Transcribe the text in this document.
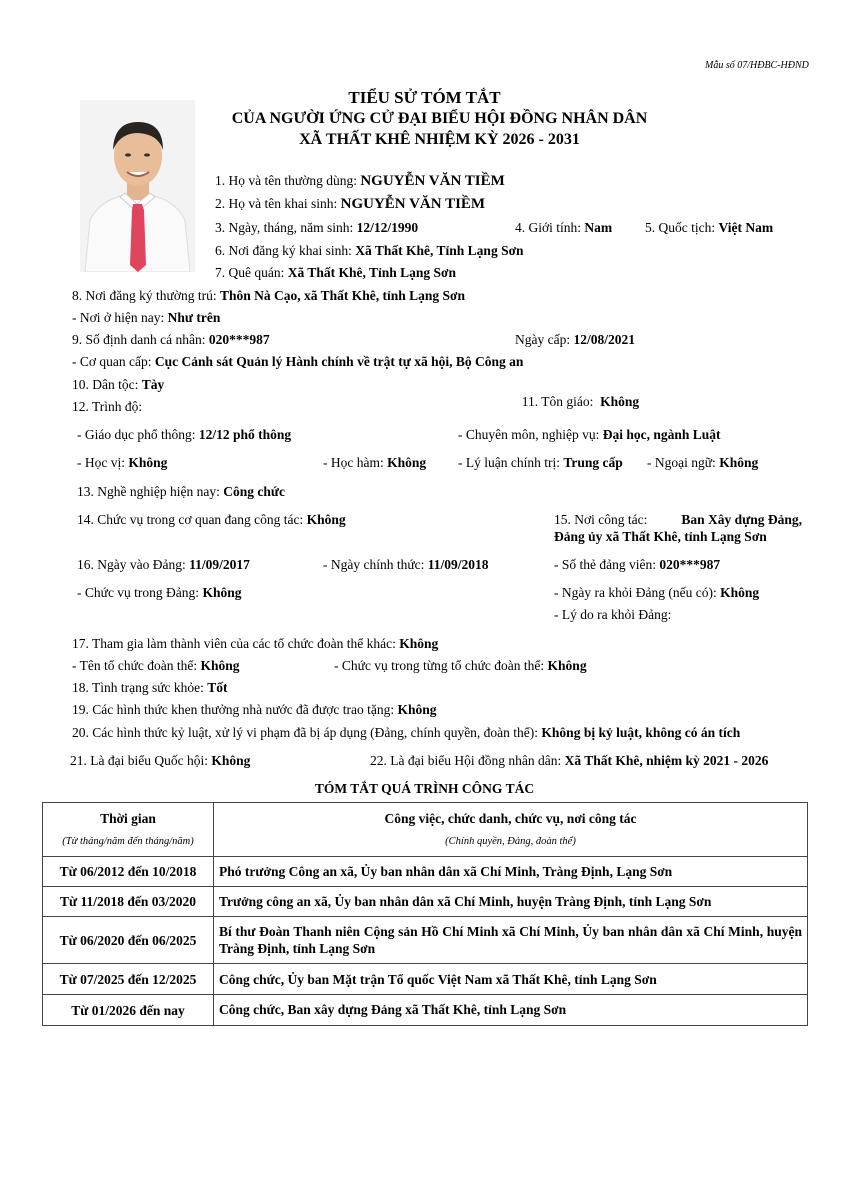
Mẫu số 07/HĐBC-HĐND
TIỂU SỬ TÓM TẮT
CỦA NGƯỜI ỨNG CỬ ĐẠI BIỂU HỘI ĐỒNG NHÂN DÂN
XÃ THẤT KHÊ NHIỆM KỲ 2026 - 2031
1. Họ và tên thường dùng: NGUYỄN VĂN TIỀM
2. Họ và tên khai sinh: NGUYỄN VĂN TIỀM
3. Ngày, tháng, năm sinh: 12/12/1990	4. Giới tính: Nam 5. Quốc tịch: Việt Nam
6. Nơi đăng ký khai sinh: Xã Thất Khê, Tỉnh Lạng Sơn
7. Quê quán: Xã Thất Khê, Tỉnh Lạng Sơn
8. Nơi đăng ký thường trú: Thôn Nà Cạo, xã Thất Khê, tỉnh Lạng Sơn
- Nơi ở hiện nay: Như trên
9. Số định danh cá nhân: 020***987	Ngày cấp: 12/08/2021
- Cơ quan cấp: Cục Cảnh sát Quản lý Hành chính về trật tự xã hội, Bộ Công an
10. Dân tộc: Tày

11. Tôn giáo:  Không

12. Trình độ:
- Giáo dục phổ thông: 12/12 phổ thông	- Chuyên môn, nghiệp vụ: Đại học, ngành Luật
- Học vị: Không	- Học hàm: Không - Lý luận chính trị: Trung cấp - Ngoại ngữ: Không
13. Nghề nghiệp hiện nay: Công chức
14. Chức vụ trong cơ quan đang công tác: Không	15. Nơi công tác:	Ban Xây dựng Đảng,
Đảng ủy xã Thất Khê, tỉnh Lạng Sơn
16. Ngày vào Đảng: 11/09/2017	- Ngày chính thức: 11/09/2018	- Số thẻ đảng viên: 020***987
- Chức vụ trong Đảng: Không	- Ngày ra khỏi Đảng (nếu có): Không
- Lý do ra khỏi Đảng:
17. Tham gia làm thành viên của các tổ chức đoàn thể khác: Không
- Tên tổ chức đoàn thể: Không	- Chức vụ trong từng tổ chức đoàn thể: Không
18. Tình trạng sức khỏe: Tốt
19. Các hình thức khen thưởng nhà nước đã được trao tặng: Không
20. Các hình thức kỷ luật, xử lý vi phạm đã bị áp dụng (Đảng, chính quyền, đoàn thể): Không bị kỷ luật, không có án tích
21. Là đại biểu Quốc hội: Không	22. Là đại biểu Hội đồng nhân dân: Xã Thất Khê, nhiệm kỳ 2021 - 2026
TÓM TẮT QUÁ TRÌNH CÔNG TÁC
Thời gian
(Từ tháng/năm đến tháng/năm)	Công việc, chức danh, chức vụ, nơi công tác
(Chính quyền, Đảng, đoàn thể)

Từ 06/2012 đến 10/2018	Phó trưởng Công an xã, Ủy ban nhân dân xã Chí Minh, Tràng Định, Lạng Sơn
Từ 11/2018 đến 03/2020	Trưởng công an xã, Ủy ban nhân dân xã Chí Minh, huyện Tràng Định, tỉnh Lạng Sơn
Từ 06/2020 đến 06/2025	Bí thư Đoàn Thanh niên Cộng sản Hồ Chí Minh xã Chí Minh, Ủy ban nhân dân xã Chí Minh, huyện Tràng Định, tỉnh Lạng Sơn
Từ 07/2025 đến 12/2025	Công chức, Ủy ban Mặt trận Tổ quốc Việt Nam xã Thất Khê, tỉnh Lạng Sơn
Từ 01/2026 đến nay	Công chức, Ban xây dựng Đảng xã Thất Khê, tỉnh Lạng Sơn
